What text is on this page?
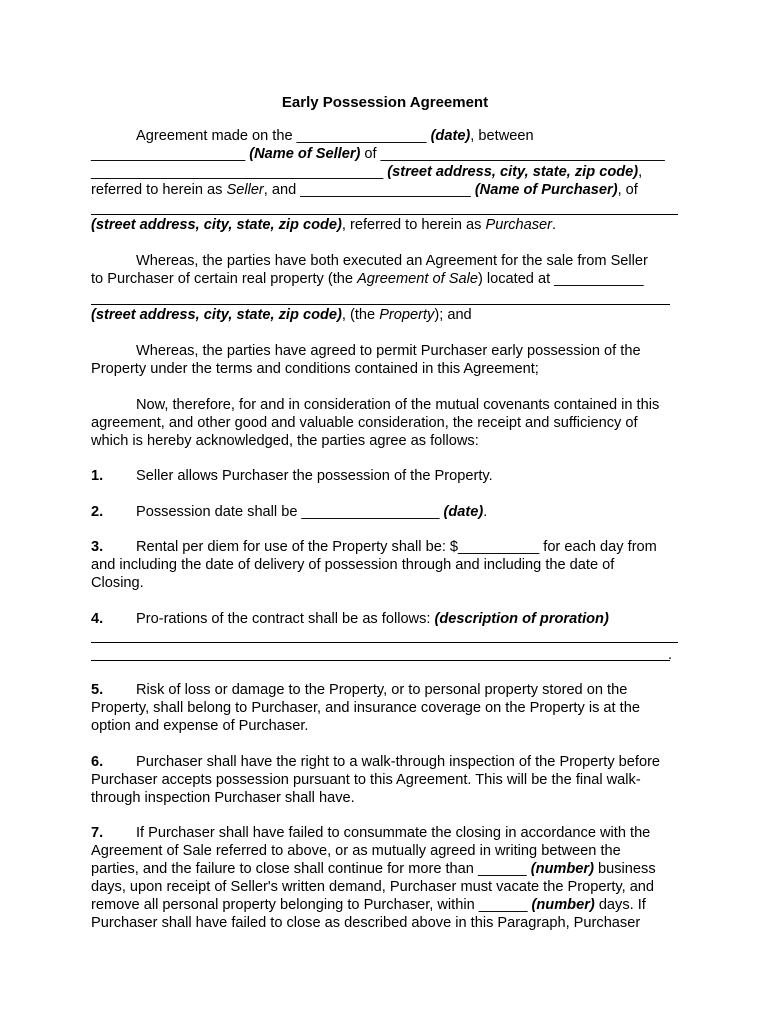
Early Possession Agreement
Agreement made on the ________________ (date), between
___________________ (Name of Seller) of ___________________________________
____________________________________ (street address, city, state, zip code),
referred to herein as Seller, and _____________________ (Name of Purchaser), of
(street address, city, state, zip code), referred to herein as Purchaser.
Whereas, the parties have both executed an Agreement for the sale from Seller
to Purchaser of certain real property (the Agreement of Sale) located at ___________
(street address, city, state, zip code), (the Property); and
Whereas, the parties have agreed to permit Purchaser early possession of the
Property under the terms and conditions contained in this Agreement;
Now, therefore, for and in consideration of the mutual covenants contained in this
agreement, and other good and valuable consideration, the receipt and sufficiency of
which is hereby acknowledged, the parties agree as follows:
1. Seller allows Purchaser the possession of the Property.
2. Possession date shall be _________________ (date).
3. Rental per diem for use of the Property shall be: $__________ for each day from
and including the date of delivery of possession through and including the date of
Closing.
4. Pro-rations of the contract shall be as follows: (description of proration)
.
5. Risk of loss or damage to the Property, or to personal property stored on the
Property, shall belong to Purchaser, and insurance coverage on the Property is at the
option and expense of Purchaser.
6. Purchaser shall have the right to a walk-through inspection of the Property before
Purchaser accepts possession pursuant to this Agreement. This will be the final walk-
through inspection Purchaser shall have.
7. If Purchaser shall have failed to consummate the closing in accordance with the
Agreement of Sale referred to above, or as mutually agreed in writing between the
parties, and the failure to close shall continue for more than ______ (number) business
days, upon receipt of Seller's written demand, Purchaser must vacate the Property, and
remove all personal property belonging to Purchaser, within ______ (number) days. If
Purchaser shall have failed to close as described above in this Paragraph, Purchaser
